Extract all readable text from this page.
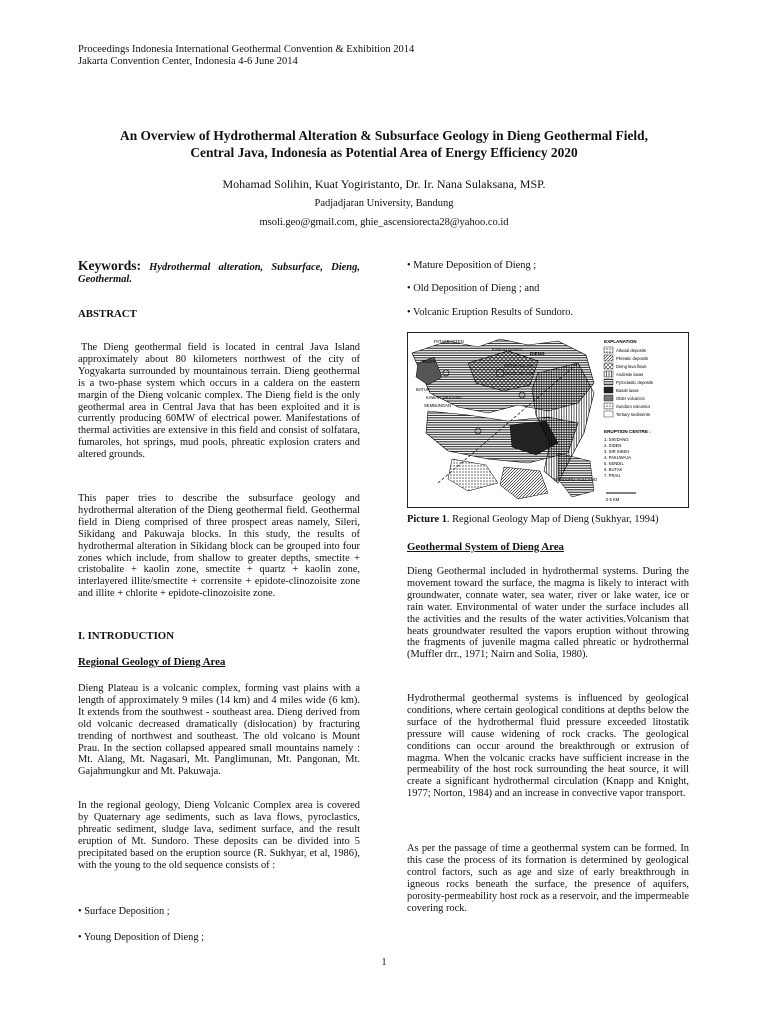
Proceedings Indonesia International Geothermal Convention & Exhibition 2014
Jakarta Convention Center, Indonesia 4-6 June 2014
An Overview of Hydrothermal Alteration & Subsurface Geology in Dieng Geothermal Field,
Central Java, Indonesia as Potential Area of Energy Efficiency 2020
Mohamad Solihin, Kuat Yogiristanto, Dr. Ir. Nana Sulaksana, MSP.
Padjadjaran University, Bandung
msoli.geo@gmail.com, ghie_ascensiorecta28@yahoo.co.id
Keywords: Hydrothermal alteration, Subsurface, Dieng, Geothermal.
ABSTRACT

The Dieng geothermal field is located in central Java Island approximately about 80 kilometers northwest of the city of Yogyakarta surrounded by mountainous terrain. Dieng geothermal is a two-phase system which occurs in a caldera on the eastern margin of the Dieng volcanic complex. The Dieng field is the only geothermal area in Central Java that has been exploited and it is currently producing 60MW of electrical power. Manifestations of thermal activities are extensive in this field and consist of solfatara, fumaroles, hot springs, mud pools, phreatic explosion craters and altered grounds.

This paper tries to describe the subsurface geology and hydrothermal alteration of the Dieng geothermal field. Geothermal field in Dieng comprised of three prospect areas namely, Sileri, Sikidang and Pakuwaja blocks. In this study, the results of hydrothermal alteration in Sikidang block can be grouped into four zones which include, from shallow to greater depths, smectite + cristobalite + kaolin zone, smectite + quartz + kaolin zone, interlayered illite/smectite + corrensite + epidote-clinozoisite zone and illite + chlorite + epidote-clinozoisite zone.

I. INTRODUCTION
Regional Geology of Dieng Area

Dieng Plateau is a volcanic complex, forming vast plains with a length of approximately 9 miles (14 km) and 4 miles wide (6 km). It extends from the southwest - southeast area. Dieng derived from old volcanic decreased dramatically (dislocation) by fracturing trending of northwest and southeast. The old volcano is Mount Prau. In the section collapsed appeared small mountains namely : Mt. Alang, Mt. Nagasari, Mt. Panglimunan, Mt. Pangonan, Mt. Gajahmungkur and Mt. Pakuwaja.

In the regional geology, Dieng Volcanic Complex area is covered by Quaternary age sediments, such as lava flows, pyroclastics, phreatic sediment, sludge lava, sediment surface, and the result eruption of Mt. Sundoro. These deposits can be divided into 5 precipitated based on the eruption source (R. Sukhyar, et al, 1986), with the young to the old sequence consists of :

• Surface Deposition ;
• Young Deposition of Dieng ;
• Mature Deposition of Dieng ;
• Old Deposition of Dieng ; and
• Volcanic Eruption Results of Sundoro.
PATAKBANTEN
KAWAH BANAG
DIENG
SILERI
DIENG KULON
DIENG WETAN
BATUR
KAWAH SIKIDANG
SEMBUNGAN
SUNDORO VOLCANO
EXPLANATION
Alluvial deposits
Phreatic deposits
Dieng lava flows
Andesite lavas
Pyroclastic deposits
Basalt lavas
Older volcanics
Sundoro volcanics
Tertiary sediments
ERUPTION CENTRE :
1. SIKIDANG
2. SIDEN
3. SIR SIKEH
4. PAKUWAJA
5. KENDIL
6. BUTAK
7. PRAU
0 5 KM
Picture 1. Regional Geology Map of Dieng (Sukhyar, 1994)
Geothermal System of Dieng Area

Dieng Geothermal included in hydrothermal systems. During the movement toward the surface, the magma is likely to interact with groundwater, connate water, sea water, river or lake water, ice or rain water. Environmental of water under the surface includes all the activities and the results of the water activities.Volcanism that heats groundwater resulted the vapors eruption without throwing the fragments of juvenile magma called phreatic or hydrothermal (Muffler drr., 1971; Nairn and Solia, 1980).

Hydrothermal geothermal systems is influenced by geological conditions, where certain geological conditions at depths below the surface of the hydrothermal fluid pressure exceeded litostatik pressure will cause widening of rock cracks. The geological conditions can occur around the breakthrough or extrusion of magma. When the volcanic cracks have sufficient increase in the permeability of the host rock surrounding the heat source, it will create a significant hydrothermal circulation (Knapp and Knight, 1977; Norton, 1984) and an increase in convective vapor transport.

As per the passage of time a geothermal system can be formed. In this case the process of its formation is determined by geological control factors, such as age and size of early breakthrough in igneous rocks beneath the surface, the presence of aquifers, porosity-permeability host rock as a reservoir, and the impermeable covering rock.

1
